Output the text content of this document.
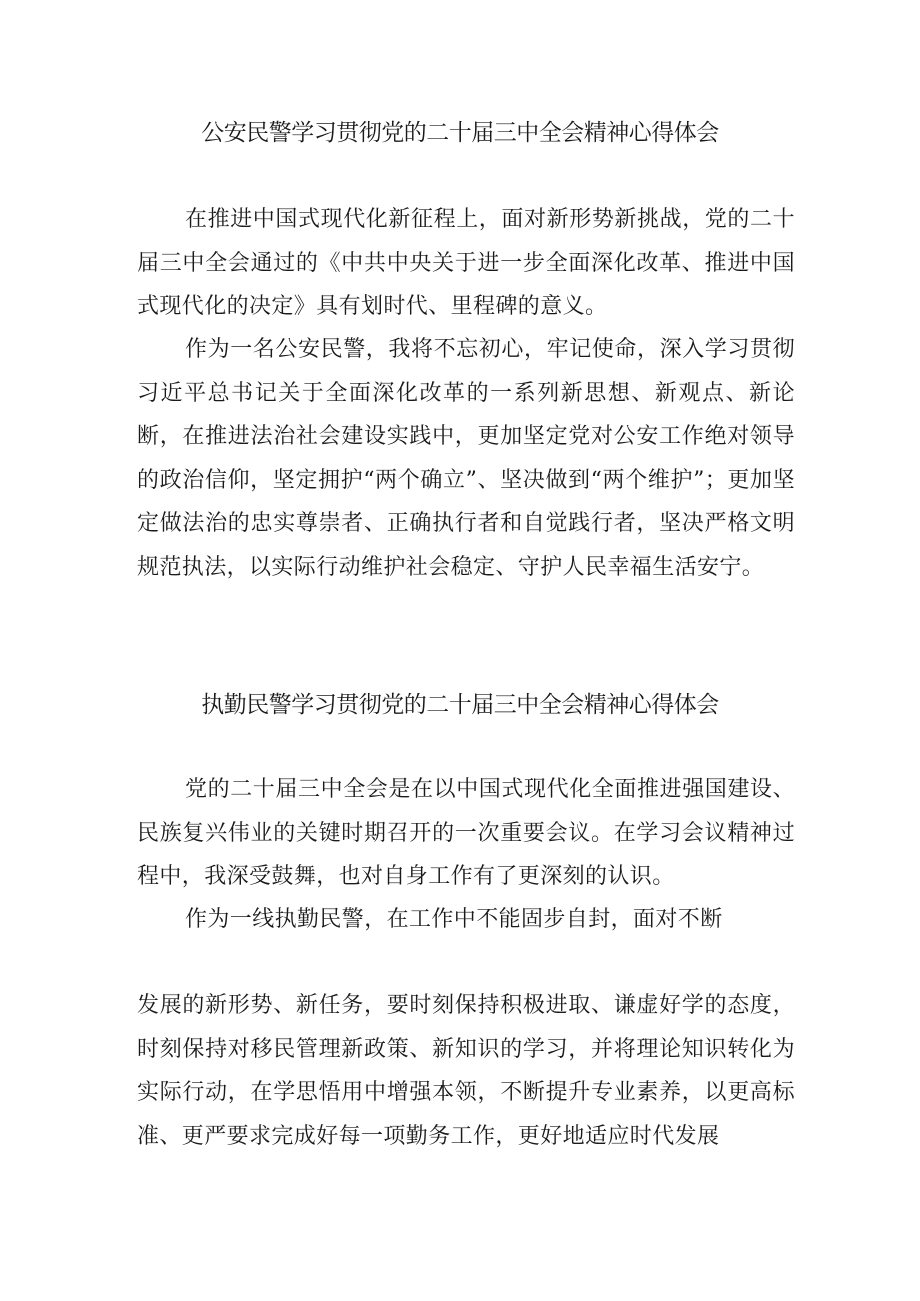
公安民警学习贯彻党的二十届三中全会精神心得体会

在推进中国式现代化新征程上，面对新形势新挑战，党的二十届三中全会通过的《中共中央关于进一步全面深化改革、推进中国式现代化的决定》具有划时代、里程碑的意义。

作为一名公安民警，我将不忘初心，牢记使命，深入学习贯彻习近平总书记关于全面深化改革的一系列新思想、新观点、新论断，在推进法治社会建设实践中，更加坚定党对公安工作绝对领导的政治信仰，坚定拥护“两个确立”、坚决做到“两个维护”；更加坚定做法治的忠实尊崇者、正确执行者和自觉践行者，坚决严格文明规范执法，以实际行动维护社会稳定、守护人民幸福生活安宁。

执勤民警学习贯彻党的二十届三中全会精神心得体会

党的二十届三中全会是在以中国式现代化全面推进强国建设、民族复兴伟业的关键时期召开的一次重要会议。在学习会议精神过程中，我深受鼓舞，也对自身工作有了更深刻的认识。

作为一线执勤民警，在工作中不能固步自封，面对不断

发展的新形势、新任务，要时刻保持积极进取、谦虚好学的态度，时刻保持对移民管理新政策、新知识的学习，并将理论知识转化为实际行动，在学思悟用中增强本领，不断提升专业素养，以更高标准、更严要求完成好每一项勤务工作，更好地适应时代发展
